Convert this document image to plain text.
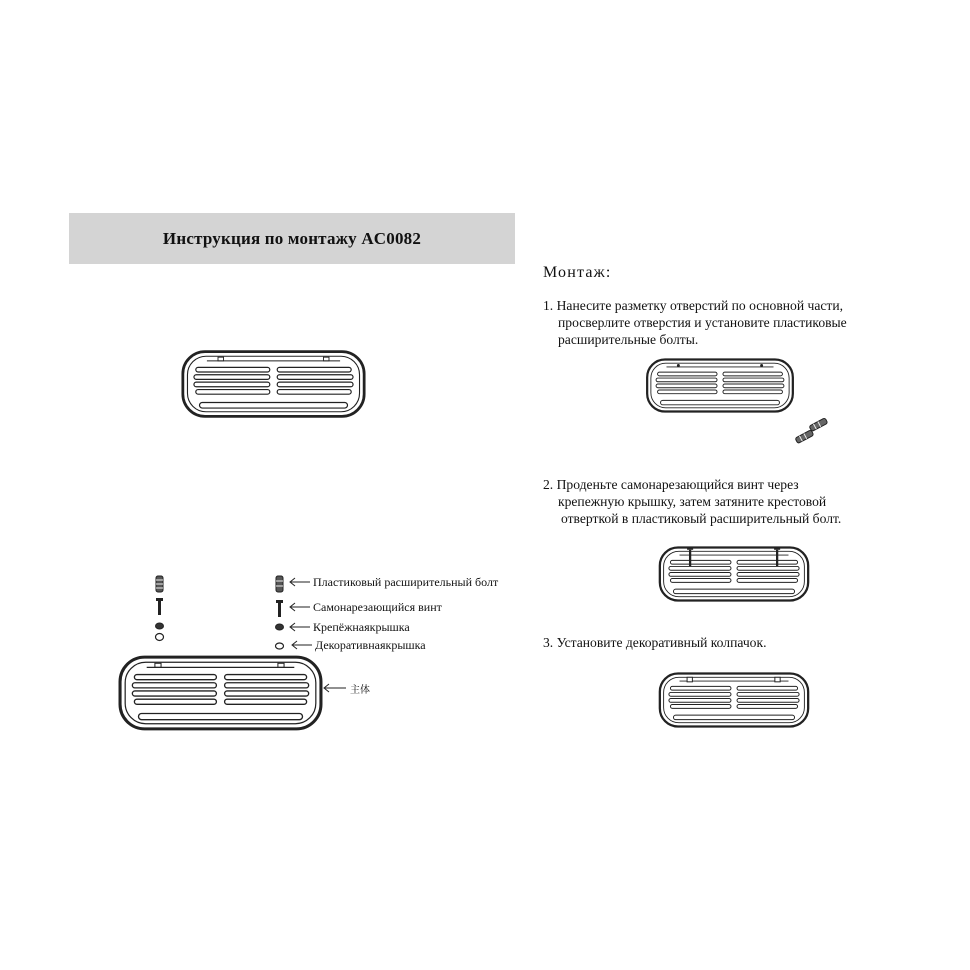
Инструкция по монтажу AC0082
Монтаж:
1. Нанесите разметку отверстий по основной части,
просверлите отверстия и установите пластиковые
расширительные болты.
2. Проденьте самонарезающийся винт через
крепежную крышку, затем затяните крестовой
отверткой в пластиковый расширительный болт.
3. Установите декоративный колпачок.
Пластиковый расширительный болт
Самонарезающийся винт
Крепёжнаякрышка
Декоративнаякрышка
主体
